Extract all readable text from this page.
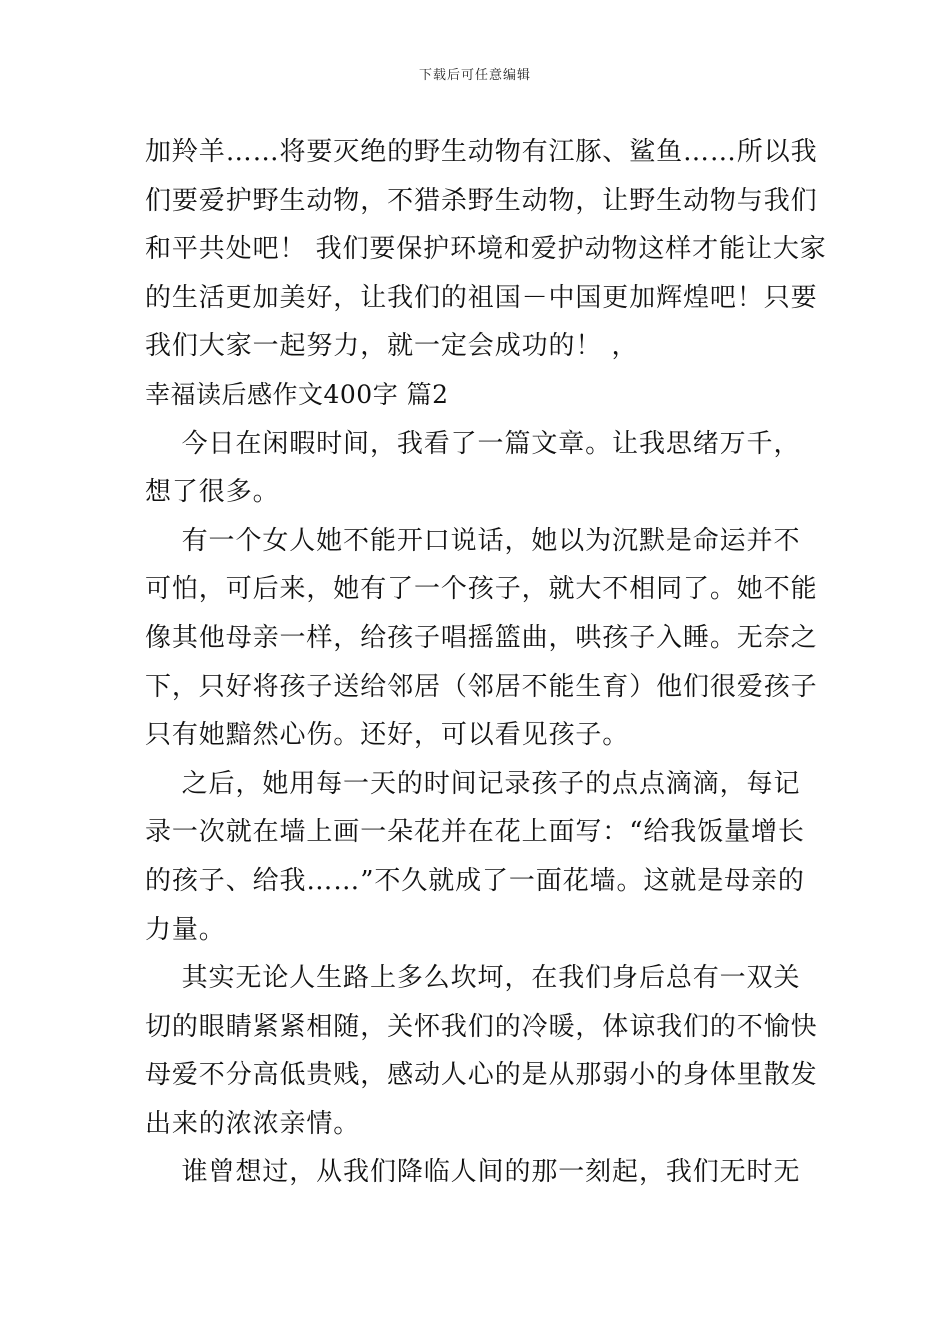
下载后可任意编辑
加羚羊……将要灭绝的野生动物有江豚、鲨鱼……所以我
们要爱护野生动物，不猎杀野生动物，让野生动物与我们
和平共处吧！ 我们要保护环境和爱护动物这样才能让大家
的生活更加美好，让我们的祖国－中国更加辉煌吧！只要
我们大家一起努力，就一定会成功的！ ，
幸福读后感作文400字 篇2
今日在闲暇时间，我看了一篇文章。让我思绪万千，
想了很多。
有一个女人她不能开口说话，她以为沉默是命运并不
可怕，可后来，她有了一个孩子，就大不相同了。她不能
像其他母亲一样，给孩子唱摇篮曲，哄孩子入睡。无奈之
下，只好将孩子送给邻居（邻居不能生育）他们很爱孩子
只有她黯然心伤。还好，可以看见孩子。
之后，她用每一天的时间记录孩子的点点滴滴，每记
录一次就在墙上画一朵花并在花上面写：“给我饭量增长
的孩子、给我……”不久就成了一面花墙。这就是母亲的
力量。
其实无论人生路上多么坎坷，在我们身后总有一双关
切的眼睛紧紧相随，关怀我们的冷暖，体谅我们的不愉快
母爱不分高低贵贱，感动人心的是从那弱小的身体里散发
出来的浓浓亲情。
谁曾想过，从我们降临人间的那一刻起，我们无时无
